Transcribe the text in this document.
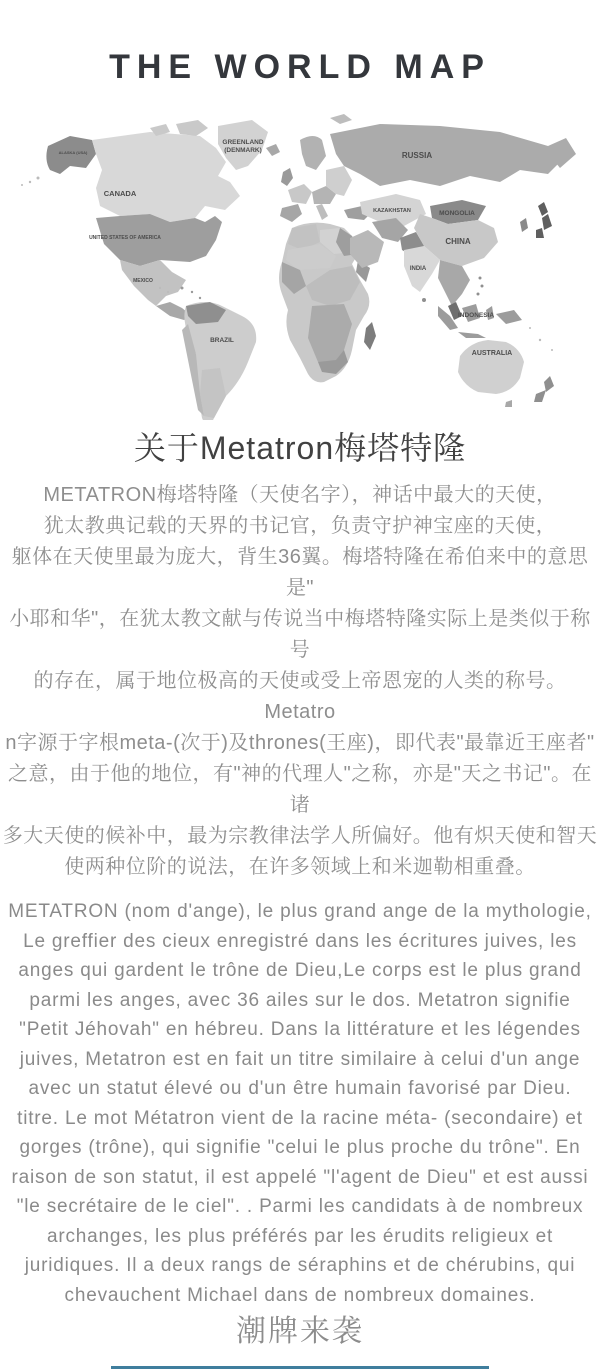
THE WORLD MAP
GREENLAND
(DENMARK)
CANADA
UNITED STATES OF AMERICA
ALASKA (USA)
MEXICO
BRAZIL
RUSSIA
KAZAKHSTAN	MONGOLIA
CHINA
INDIA
INDONESIA
AUSTRALIA
关于Metatron梅塔特隆
METATRON梅塔特隆（天使名字），神话中最大的天使，
犹太教典记载的天界的书记官，负责守护神宝座的天使，
躯体在天使里最为庞大，背生36翼。梅塔特隆在希伯来中的意思是"
小耶和华"，在犹太教文献与传说当中梅塔特隆实际上是类似于称号
的存在，属于地位极高的天使或受上帝恩宠的人类的称号。Metatro
n字源于字根meta-(次于)及thrones(王座)，即代表"最靠近王座者"
之意，由于他的地位，有"神的代理人"之称，亦是"天之书记"。在诸
多大天使的候补中，最为宗教律法学人所偏好。他有炽天使和智天
使两种位阶的说法，在许多领域上和米迦勒相重叠。
METATRON (nom d'ange), le plus grand ange de la mythologie,
Le greffier des cieux enregistré dans les écritures juives, les
anges qui gardent le trône de Dieu,Le corps est le plus grand
parmi les anges, avec 36 ailes sur le dos. Metatron signifie
"Petit Jéhovah" en hébreu. Dans la littérature et les légendes
juives, Metatron est en fait un titre similaire à celui d'un ange
avec un statut élevé ou d'un être humain favorisé par Dieu.
titre. Le mot Métatron vient de la racine méta- (secondaire) et
gorges (trône), qui signifie "celui le plus proche du trône". En
raison de son statut, il est appelé "l'agent de Dieu" et est aussi
"le secrétaire de le ciel". . Parmi les candidats à de nombreux
archanges, les plus préférés par les érudits religieux et
juridiques. Il a deux rangs de séraphins et de chérubins, qui
chevauchent Michael dans de nombreux domaines.
潮牌来袭
